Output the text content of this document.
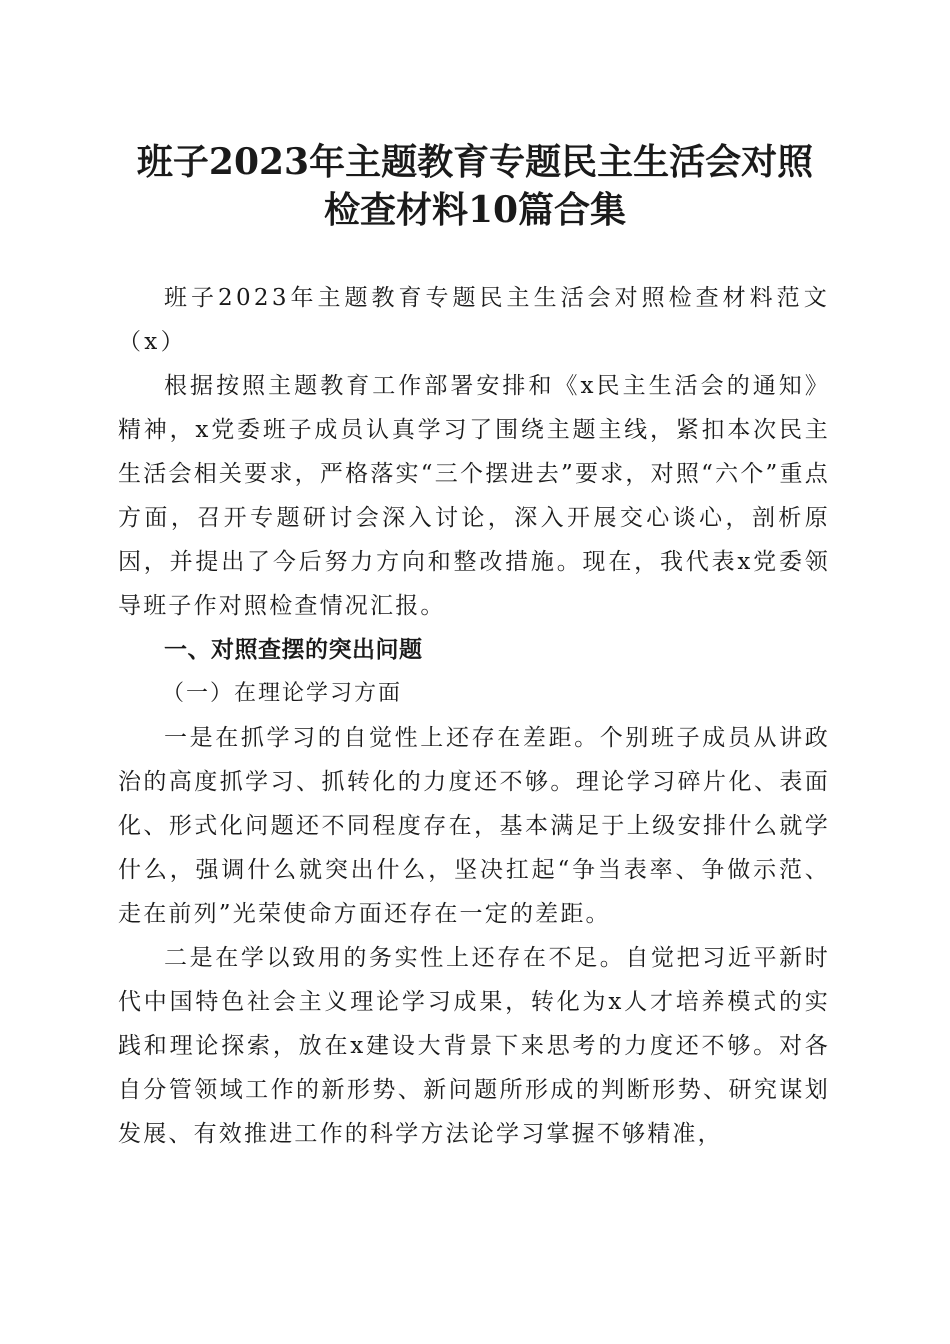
班子2023年主题教育专题民主生活会对照检查材料10篇合集

班子2023年主题教育专题民主生活会对照检查材料范文（x）

根据按照主题教育工作部署安排和《x民主生活会的通知》精神，x党委班子成员认真学习了围绕主题主线，紧扣本次民主生活会相关要求，严格落实“三个摆进去”要求，对照“六个”重点方面，召开专题研讨会深入讨论，深入开展交心谈心，剖析原因，并提出了今后努力方向和整改措施。现在，我代表x党委领导班子作对照检查情况汇报。

一、对照查摆的突出问题
（一）在理论学习方面

一是在抓学习的自觉性上还存在差距。个别班子成员从讲政治的高度抓学习、抓转化的力度还不够。理论学习碎片化、表面化、形式化问题还不同程度存在，基本满足于上级安排什么就学什么，强调什么就突出什么，坚决扛起“争当表率、争做示范、走在前列”光荣使命方面还存在一定的差距。

二是在学以致用的务实性上还存在不足。自觉把习近平新时代中国特色社会主义理论学习成果，转化为x人才培养模式的实践和理论探索，放在x建设大背景下来思考的力度还不够。对各自分管领域工作的新形势、新问题所形成的判断形势、研究谋划发展、有效推进工作的科学方法论学习掌握不够精准，
